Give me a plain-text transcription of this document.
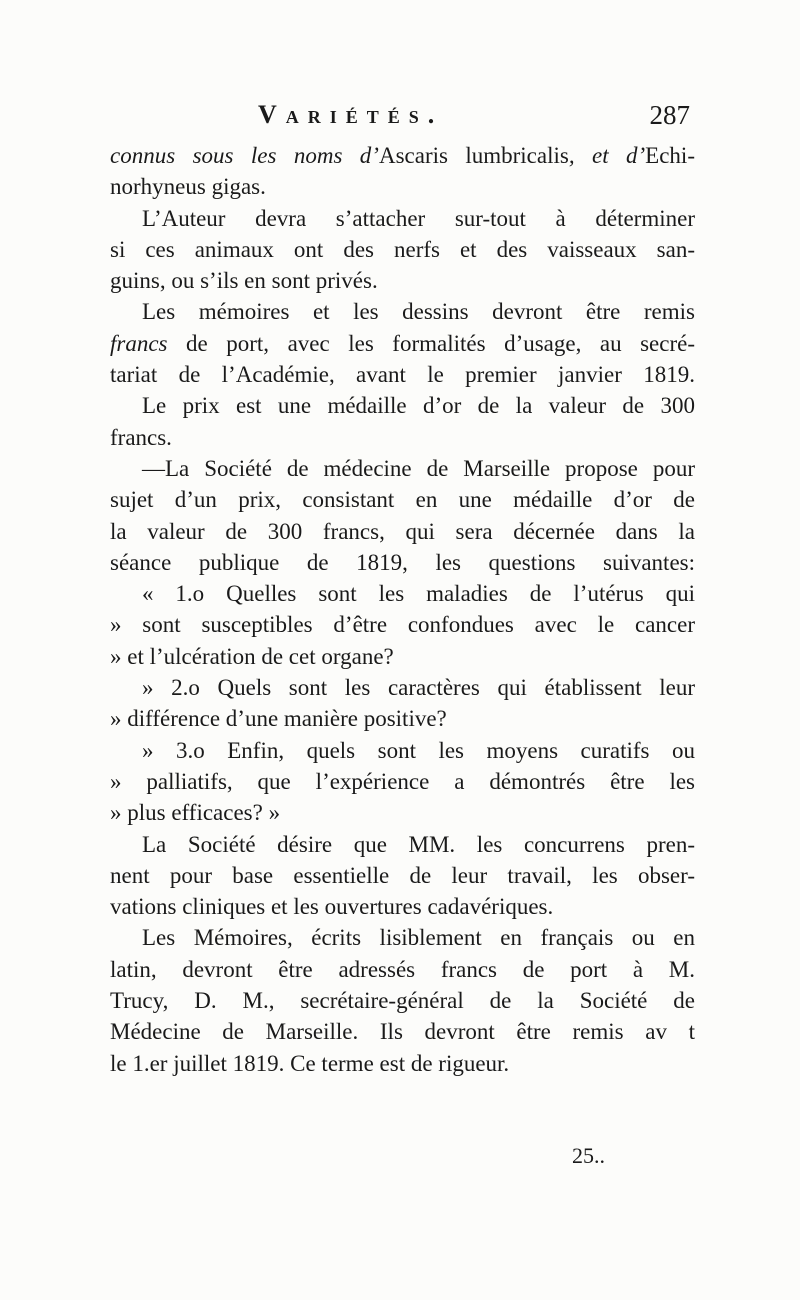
Variétés.	287
connus sous les noms d’Ascaris lumbricalis, et d’Echi-
norhyneus gigas.
L’Auteur devra s’attacher sur-tout à déterminer
si ces animaux ont des nerfs et des vaisseaux san-
guins, ou s’ils en sont privés.
Les mémoires et les dessins devront être remis
francs de port, avec les formalités d’usage, au secré-
tariat de l’Académie, avant le premier janvier 1819.
Le prix est une médaille d’or de la valeur de 300
francs.
—La Société de médecine de Marseille propose pour
sujet d’un prix, consistant en une médaille d’or de
la valeur de 300 francs, qui sera décernée dans la
séance publique de 1819, les questions suivantes:
« 1.o Quelles sont les maladies de l’utérus qui
» sont susceptibles d’être confondues avec le cancer
» et l’ulcération de cet organe?
» 2.o Quels sont les caractères qui établissent leur
» différence d’une manière positive?
» 3.o Enfin, quels sont les moyens curatifs ou
» palliatifs, que l’expérience a démontrés être les
» plus efficaces? »
La Société désire que MM. les concurrens pren-
nent pour base essentielle de leur travail, les obser-
vations cliniques et les ouvertures cadavériques.
Les Mémoires, écrits lisiblement en français ou en
latin, devront être adressés francs de port à M.
Trucy, D. M., secrétaire-général de la Société de
Médecine de Marseille. Ils devront être remis av t
le 1.er juillet 1819. Ce terme est de rigueur.
25..
